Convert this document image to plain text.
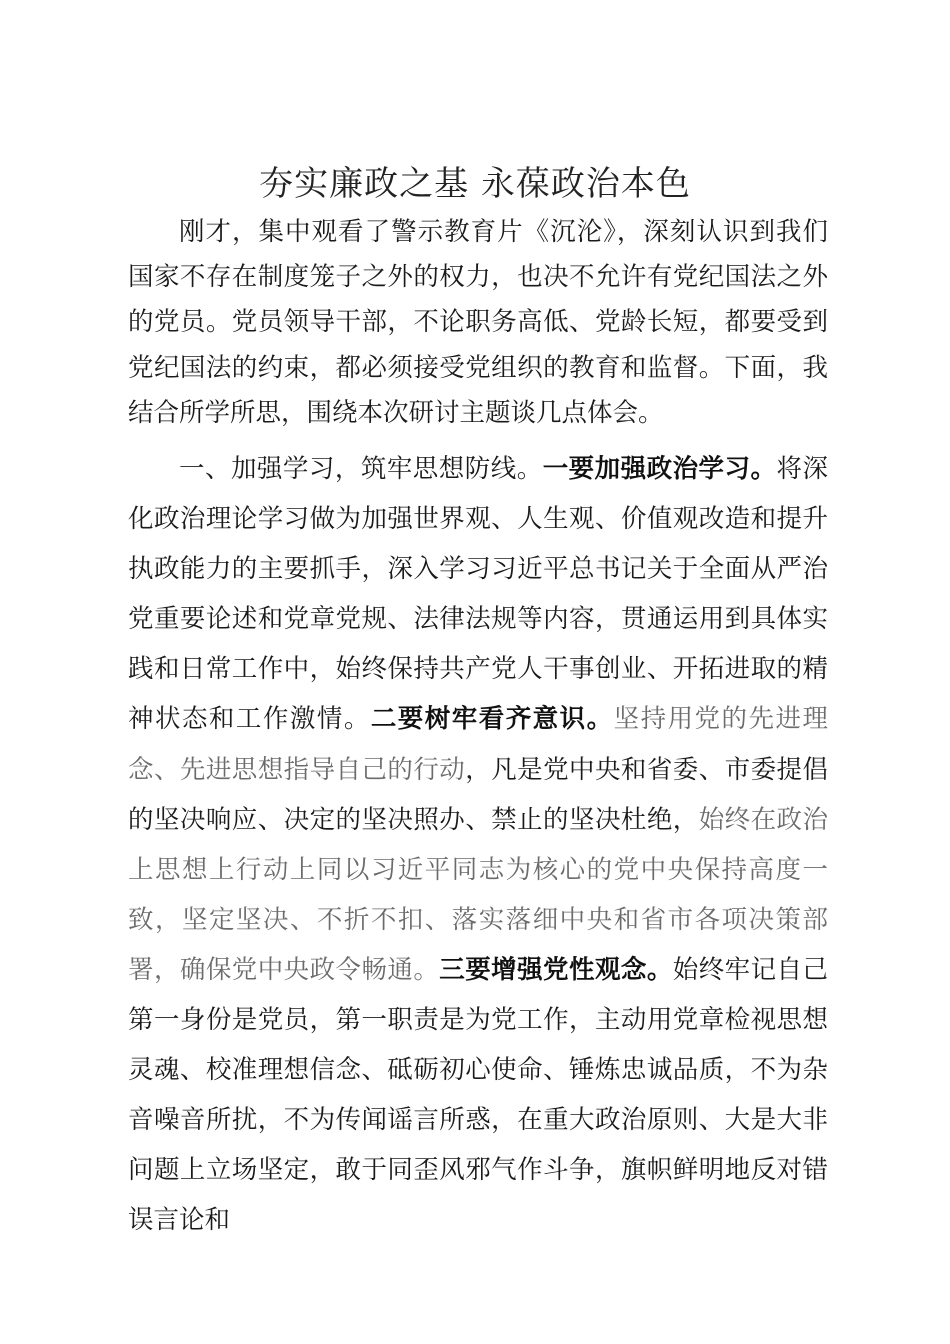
夯实廉政之基 永葆政治本色

刚才，集中观看了警示教育片《沉沦》，深刻认识到我们国家不存在制度笼子之外的权力，也决不允许有党纪国法之外的党员。党员领导干部，不论职务高低、党龄长短，都要受到党纪国法的约束，都必须接受党组织的教育和监督。下面，我结合所学所思，围绕本次研讨主题谈几点体会。

一、加强学习，筑牢思想防线。一要加强政治学习。将深化政治理论学习做为加强世界观、人生观、价值观改造和提升执政能力的主要抓手，深入学习习近平总书记关于全面从严治党重要论述和党章党规、法律法规等内容，贯通运用到具体实践和日常工作中，始终保持共产党人干事创业、开拓进取的精神状态和工作激情。二要树牢看齐意识。坚持用党的先进理念、先进思想指导自己的行动，凡是党中央和省委、市委提倡的坚决响应、决定的坚决照办、禁止的坚决杜绝，始终在政治上思想上行动上同以习近平同志为核心的党中央保持高度一致，坚定坚决、不折不扣、落实落细中央和省市各项决策部署，确保党中央政令畅通。三要增强党性观念。始终牢记自己第一身份是党员，第一职责是为党工作，主动用党章检视思想灵魂、校准理想信念、砥砺初心使命、锤炼忠诚品质，不为杂音噪音所扰，不为传闻谣言所惑，在重大政治原则、大是大非问题上立场坚定，敢于同歪风邪气作斗争，旗帜鲜明地反对错误言论和
